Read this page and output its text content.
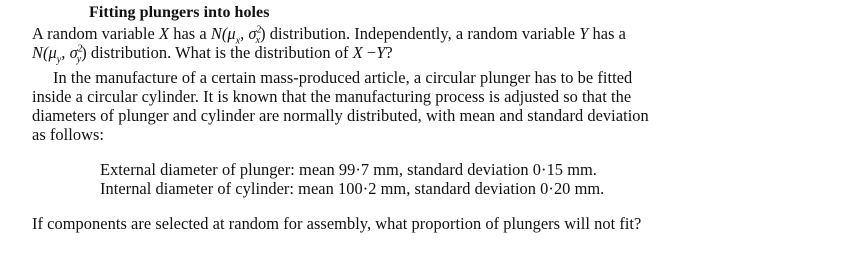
Fitting plungers into holes
A random variable X has a $N(\mu_x$, $\sigma^2_x$) distribution. Independently, a random variable Y has a
$N(\mu_y$, $\sigma^2_y$) distribution. What is the distribution of X −Y?
In the manufacture of a certain mass-produced article, a circular plunger has to be fitted
inside a circular cylinder. It is known that the manufacturing process is adjusted so that the
diameters of plunger and cylinder are normally distributed, with mean and standard deviation
as follows:
External diameter of plunger: mean 99·7 mm, standard deviation 0·15 mm.
Internal diameter of cylinder: mean 100·2 mm, standard deviation 0·20 mm.
If components are selected at random for assembly, what proportion of plungers will not fit?
